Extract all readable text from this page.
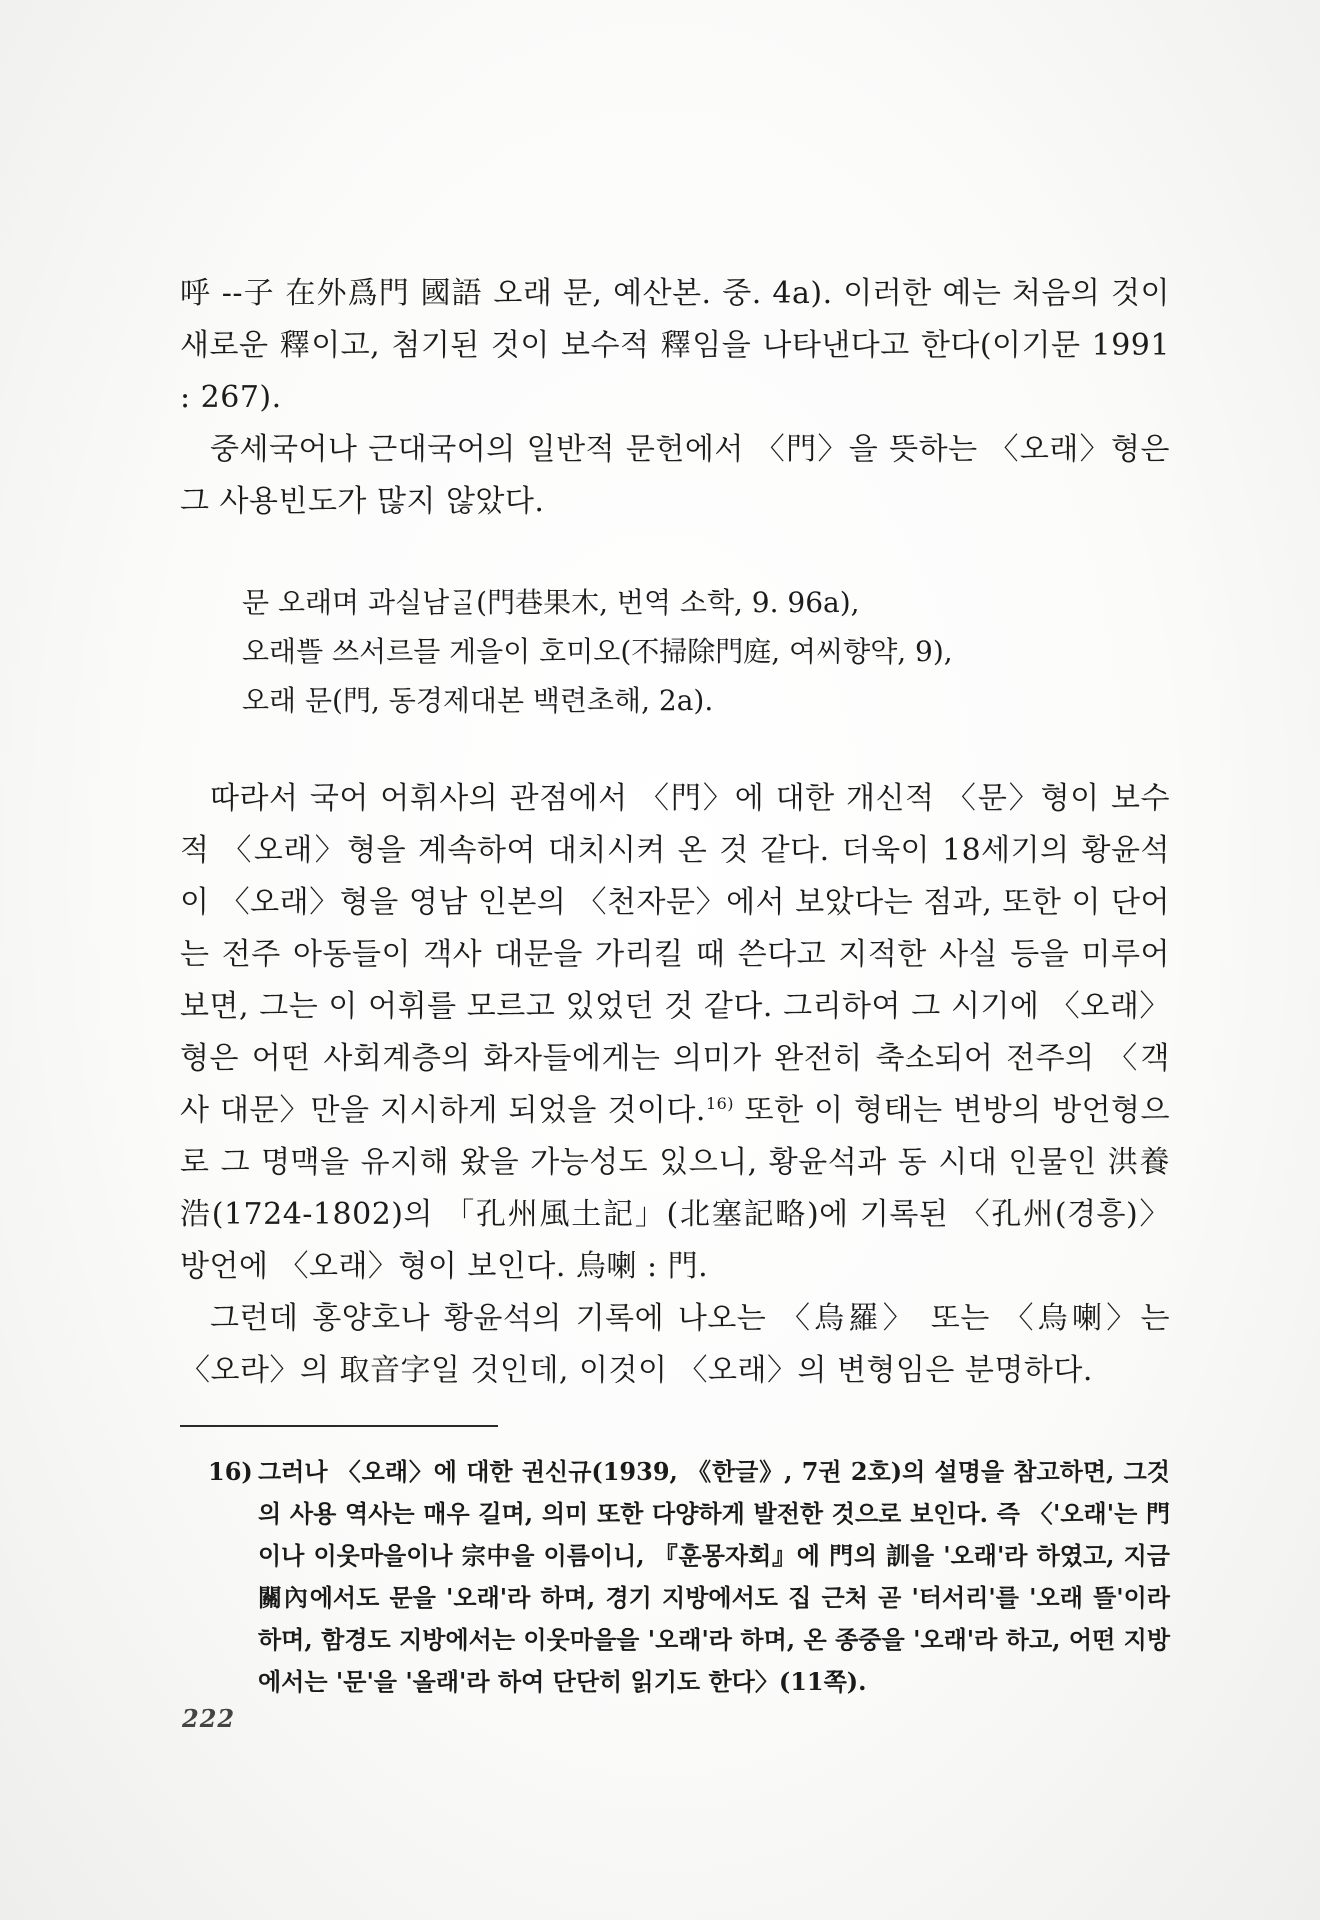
呼 --子 在外爲門 國語 오래 문, 예산본. 중. 4a). 이러한 예는 처음의 것이 새로운 釋이고, 첨기된 것이 보수적 釋임을 나타낸다고 한다(이기문 1991 : 267).

중세국어나 근대국어의 일반적 문헌에서 〈門〉을 뜻하는 〈오래〉형은 그 사용빈도가 많지 않았다.

문 오래며 과실남ᄀᆞᆯ(門巷果木, 번역 소학, 9. 96a),
오래ᄠᅳᆯ 쓰서르믈 게을이 호미오(不掃除門庭, 여씨향약, 9),
오래 문(門, 동경제대본 백련초해, 2a).

따라서 국어 어휘사의 관점에서 〈門〉에 대한 개신적 〈문〉형이 보수적 〈오래〉형을 계속하여 대치시켜 온 것 같다. 더욱이 18세기의 황윤석이 〈오래〉형을 영남 인본의 〈천자문〉에서 보았다는 점과, 또한 이 단어는 전주 아동들이 객사 대문을 가리킬 때 쓴다고 지적한 사실 등을 미루어 보면, 그는 이 어휘를 모르고 있었던 것 같다. 그리하여 그 시기에 〈오래〉형은 어떤 사회계층의 화자들에게는 의미가 완전히 축소되어 전주의 〈객사 대문〉만을 지시하게 되었을 것이다.$^{16)}$ 또한 이 형태는 변방의 방언형으로 그 명맥을 유지해 왔을 가능성도 있으니, 황윤석과 동 시대 인물인 洪養浩(1724-1802)의 「孔州風土記」(北塞記略)에 기록된 〈孔州(경흥)〉 방언에 〈오래〉형이 보인다. 烏喇 : 門.

그런데 홍양호나 황윤석의 기록에 나오는 〈烏羅〉 또는 〈烏喇〉는 〈오라〉의 取音字일 것인데, 이것이 〈오래〉의 변형임은 분명하다.

16) 그러나 〈오래〉에 대한 권신규(1939, 《한글》, 7권 2호)의 설명을 참고하면, 그것의 사용 역사는 매우 길며, 의미 또한 다양하게 발전한 것으로 보인다. 즉 〈'오래'는 門이나 이웃마을이나 宗中을 이름이니, 『훈몽자회』에 門의 訓을 '오래'라 하였고, 지금 關內에서도 문을 '오래'라 하며, 경기 지방에서도 집 근처 곧 '터서리'를 '오래 뜰'이라 하며, 함경도 지방에서는 이웃마을을 '오래'라 하며, 온 종중을 '오래'라 하고, 어떤 지방에서는 '문'을 '올래'라 하여 단단히 읽기도 한다〉(11쪽).
222
